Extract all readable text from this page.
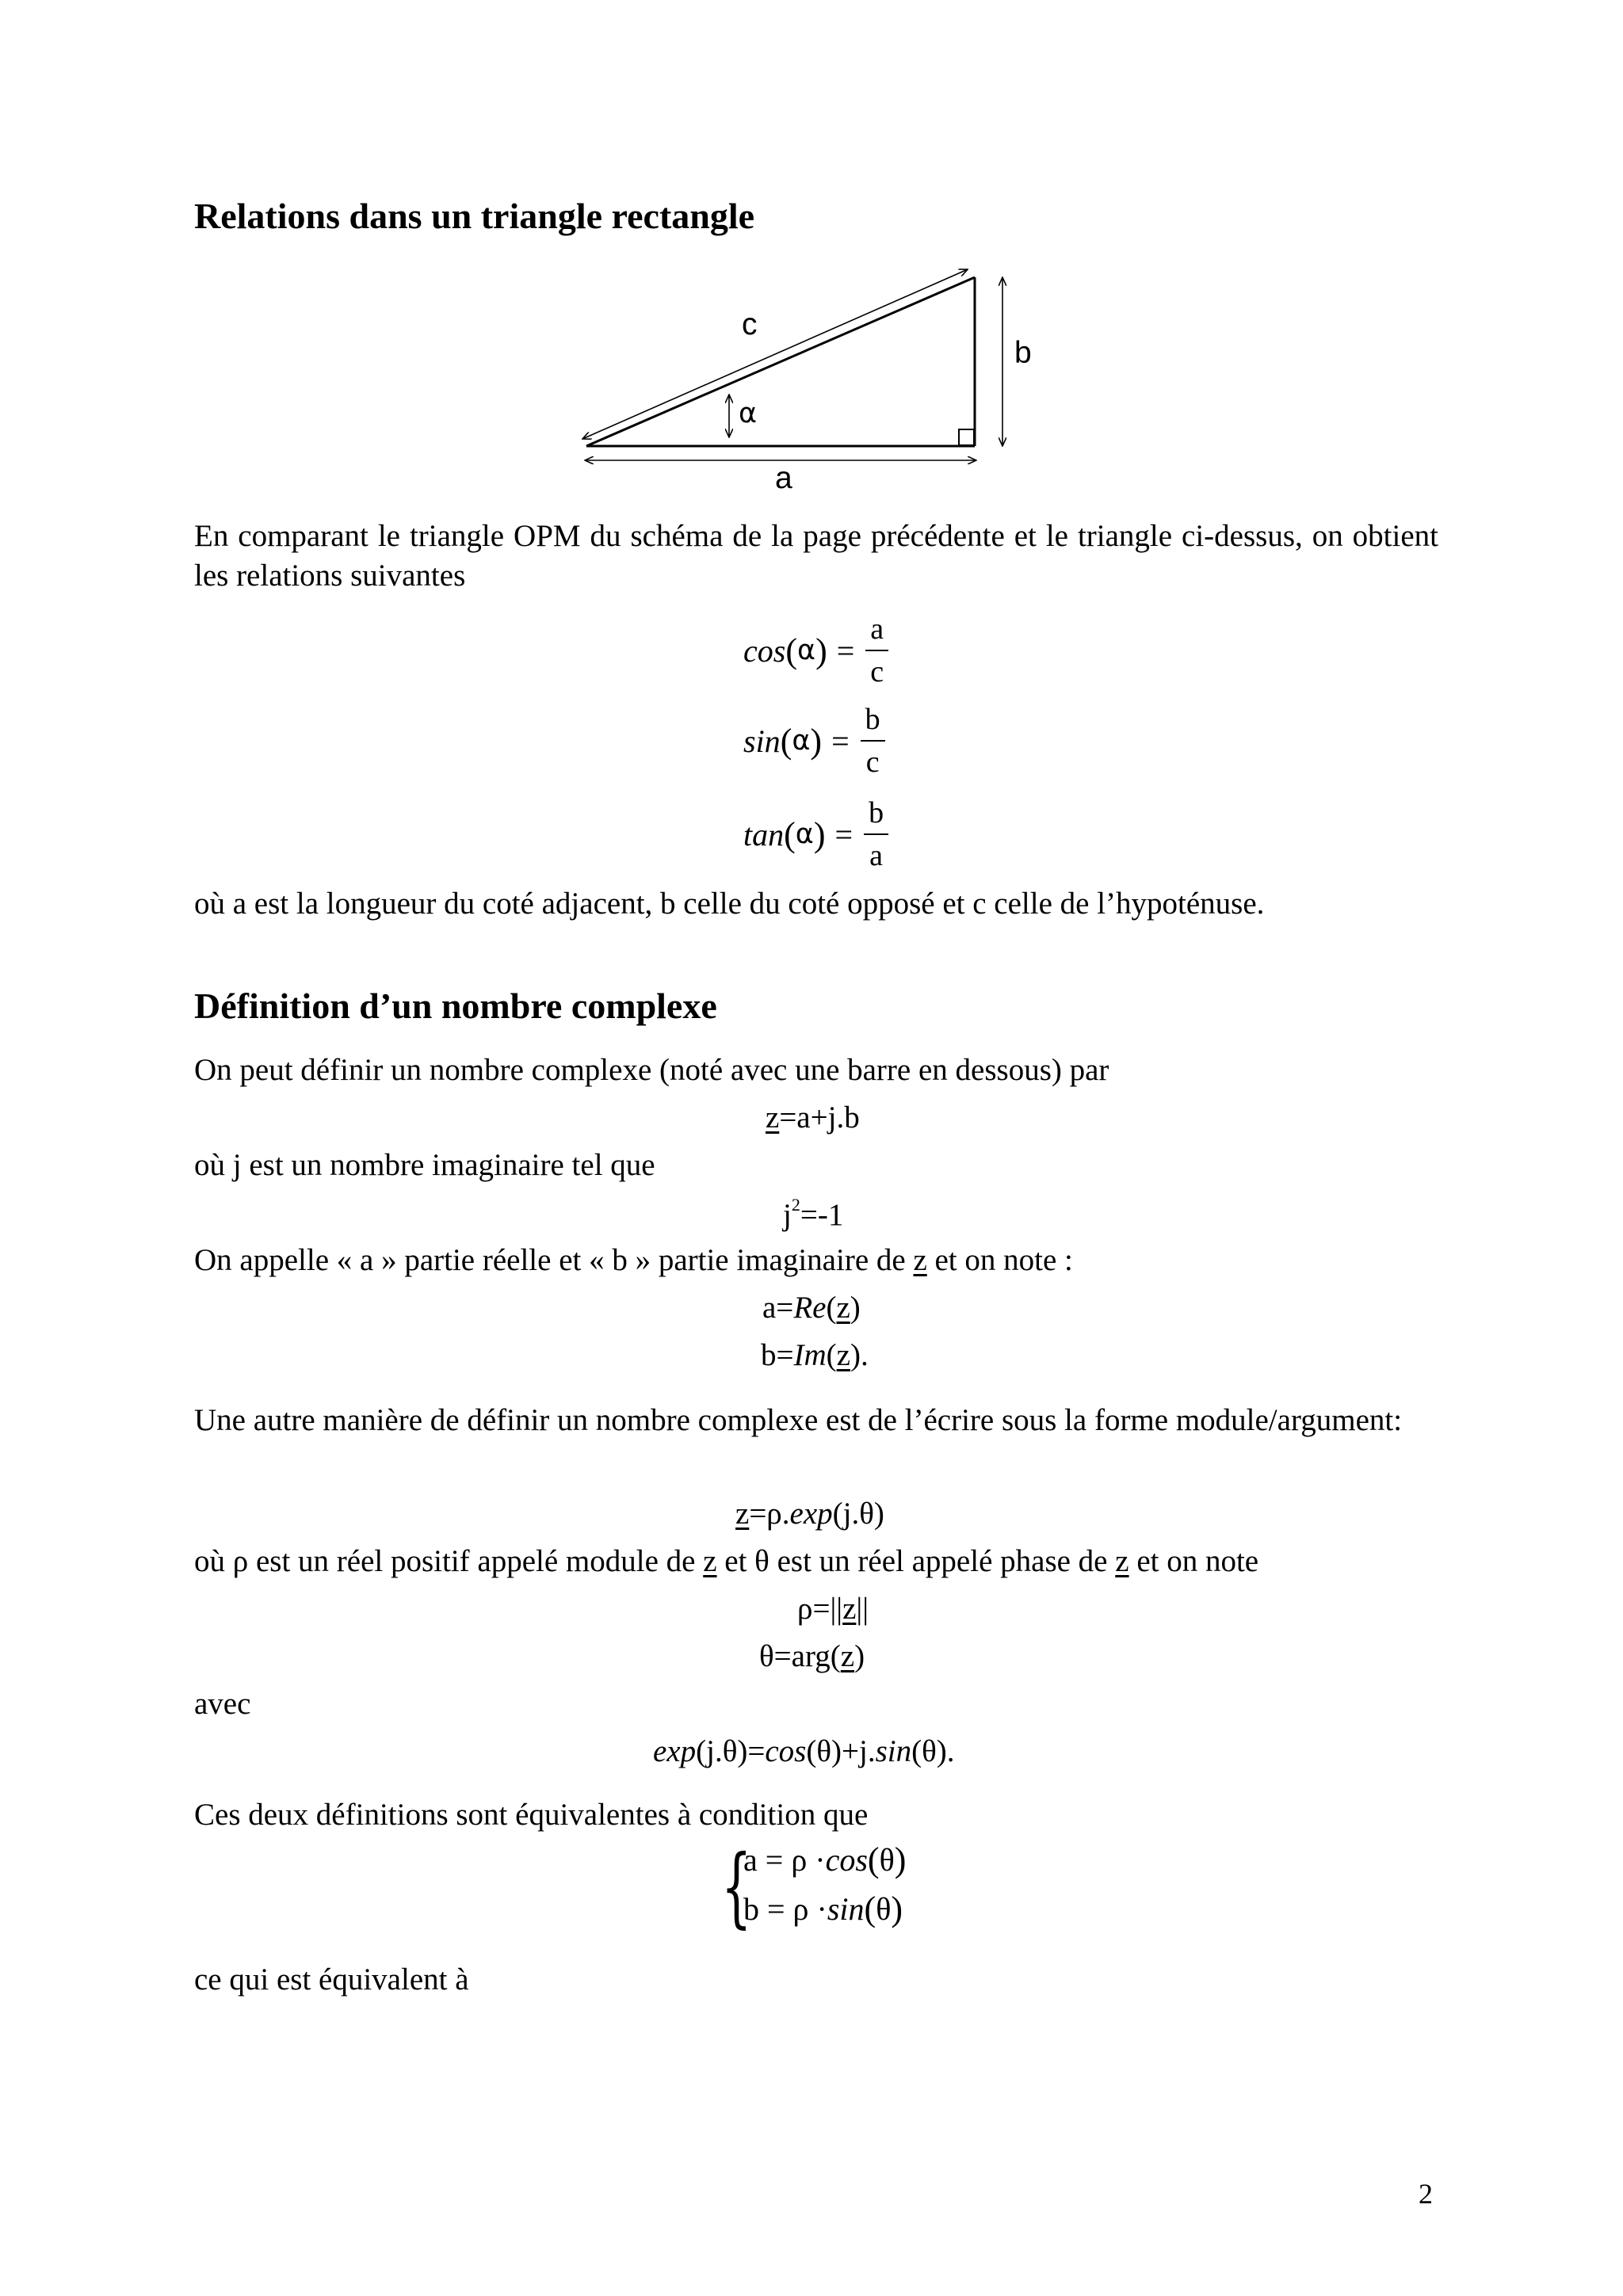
Relations dans un triangle rectangle
c
b
α
a
En comparant le triangle OPM du schéma de la page précédente et le triangle ci-dessus, on obtient les relations suivantes
cos ( α ) = $\frac{a}{c}$
sin ( α ) = $\frac{b}{c}$
tan ( α ) = $\frac{b}{a}$
où a est la longueur du coté adjacent, b celle du coté opposé et c celle de l’hypoténuse.
Définition d’un nombre complexe
On peut définir un nombre complexe (noté avec une barre en dessous) par
z=a+j.b
où j est un nombre imaginaire tel que
$j^2=-1$
On appelle « a » partie réelle et « b » partie imaginaire de z et on note :
a=Re(z)
b=Im(z).
Une autre manière de définir un nombre complexe est de l’écrire sous la forme module/argument:
z=ρ.exp(j.θ)
où ρ est un réel positif appelé module de z et θ est un réel appelé phase de z et on note
ρ=||z||
θ=arg(z)
avec
exp(j.θ)=cos(θ)+j.sin(θ).
Ces deux définitions sont équivalentes à condition que
{
a = ρ · cos ( θ )
b = ρ · sin ( θ )
ce qui est équivalent à
2
